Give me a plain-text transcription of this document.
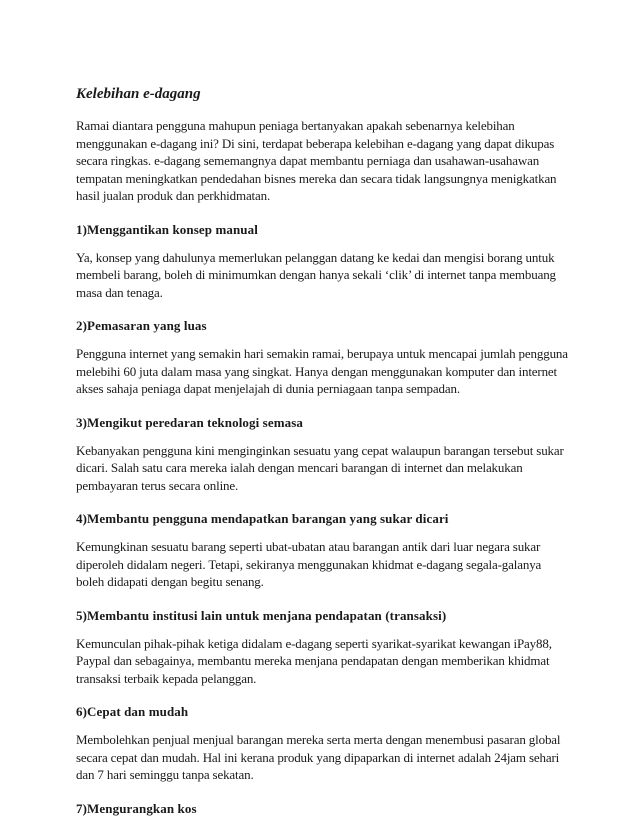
Kelebihan e-dagang
Ramai diantara pengguna mahupun peniaga bertanyakan apakah sebenarnya kelebihan
menggunakan e-dagang ini? Di sini, terdapat beberapa kelebihan e-dagang yang dapat dikupas
secara ringkas. e-dagang sememangnya dapat membantu perniaga dan usahawan-usahawan
tempatan meningkatkan pendedahan bisnes mereka dan secara tidak langsungnya menigkatkan
hasil jualan produk dan perkhidmatan.
1)Menggantikan konsep manual
Ya, konsep yang dahulunya memerlukan pelanggan datang ke kedai dan mengisi borang untuk
membeli barang, boleh di minimumkan dengan hanya sekali ‘clik’ di internet tanpa membuang
masa dan tenaga.
2)Pemasaran yang luas
Pengguna internet yang semakin hari semakin ramai, berupaya untuk mencapai jumlah pengguna
melebihi 60 juta dalam masa yang singkat. Hanya dengan menggunakan komputer dan internet
akses sahaja peniaga dapat menjelajah di dunia perniagaan tanpa sempadan.
3)Mengikut peredaran teknologi semasa
Kebanyakan pengguna kini menginginkan sesuatu yang cepat walaupun barangan tersebut sukar
dicari. Salah satu cara mereka ialah dengan mencari barangan di internet dan melakukan
pembayaran terus secara online.
4)Membantu pengguna mendapatkan barangan yang sukar dicari
Kemungkinan sesuatu barang seperti ubat-ubatan atau barangan antik dari luar negara sukar
diperoleh didalam negeri. Tetapi, sekiranya menggunakan khidmat e-dagang segala-galanya
boleh didapati dengan begitu senang.
5)Membantu institusi lain untuk menjana pendapatan (transaksi)
Kemunculan pihak-pihak ketiga didalam e-dagang seperti syarikat-syarikat kewangan iPay88,
Paypal dan sebagainya, membantu mereka menjana pendapatan dengan memberikan khidmat
transaksi terbaik kepada pelanggan.
6)Cepat dan mudah
Membolehkan penjual menjual barangan mereka serta merta dengan menembusi pasaran global
secara cepat dan mudah. Hal ini kerana produk yang dipaparkan di internet adalah 24jam sehari
dan 7 hari seminggu tanpa sekatan.
7)Mengurangkan kos
